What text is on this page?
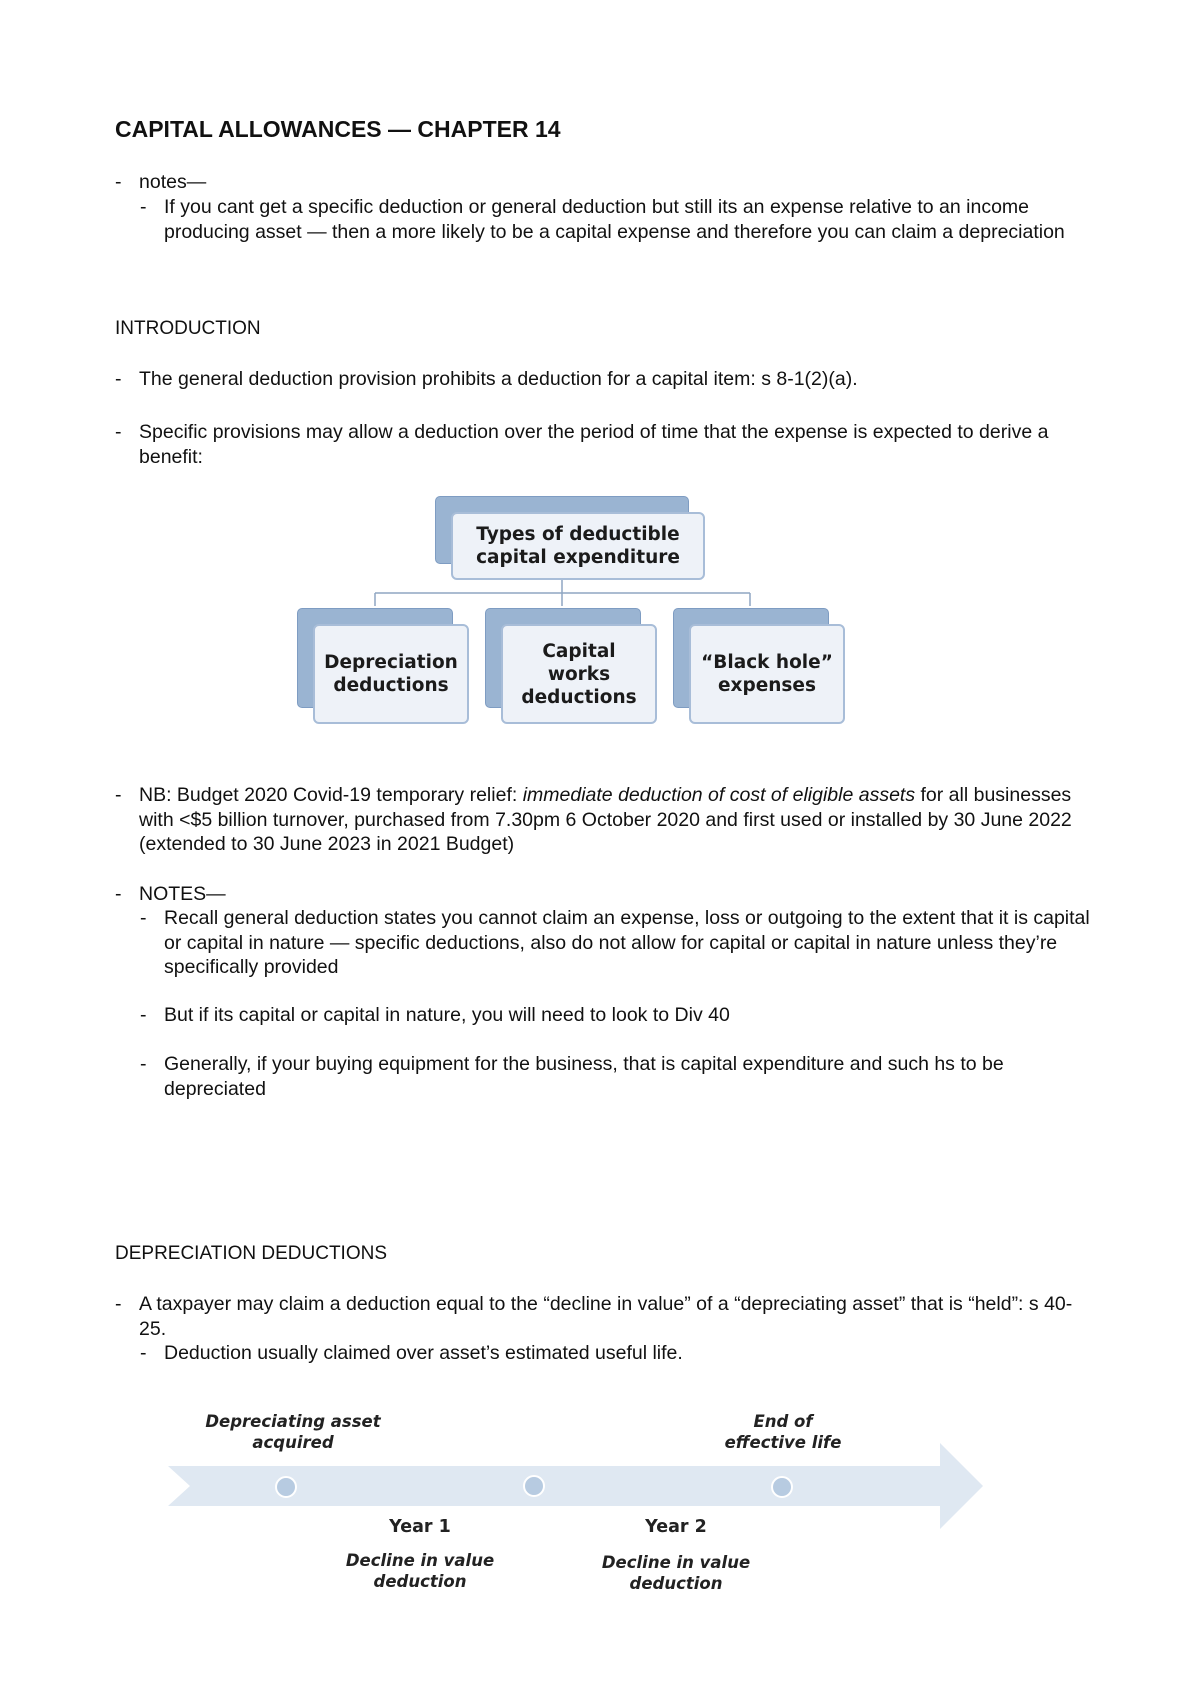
CAPITAL ALLOWANCES — CHAPTER 14
- notes—

- If you cant get a specific deduction or general deduction but still its an expense relative to an income producing asset — then a more likely to be a capital expense and therefore you can claim a depreciation

INTRODUCTION
- The general deduction provision prohibits a deduction for a capital item: s 8-1(2)(a).

- Specific provisions may allow a deduction over the period of time that the expense is expected to derive a benefit:

Types of deductible
capital expenditure
Depreciation
deductions
Capital
works
deductions
“Black hole”
expenses
- NB: Budget 2020 Covid-19 temporary relief: immediate deduction of cost of eligible assets for all businesses with <$5 billion turnover, purchased from 7.30pm 6 October 2020 and first used or installed by 30 June 2022 (extended to 30 June 2023 in 2021 Budget)

- NOTES—

- Recall general deduction states you cannot claim an expense, loss or outgoing to the extent that it is capital or capital in nature — specific deductions, also do not allow for capital or capital in nature unless they’re specifically provided

- But if its capital or capital in nature, you will need to look to Div 40

- Generally, if your buying equipment for the business, that is capital expenditure and such hs to be depreciated

DEPRECIATION DEDUCTIONS
- A taxpayer may claim a deduction equal to the “decline in value” of a “depreciating asset” that is “held”: s 40-25.

- Deduction usually claimed over asset’s estimated useful life.

Depreciating asset
acquired
End of
effective life
Year 1	Year 2
Decline in value
deduction
Decline in value
deduction
